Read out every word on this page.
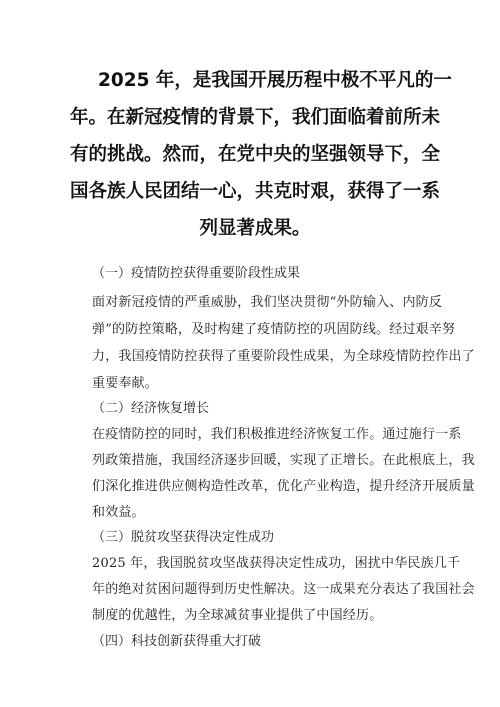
2025 年，是我国开展历程中极不平凡的一
年。在新冠疫情的背景下，我们面临着前所未
有的挑战。然而，在党中央的坚强领导下，全
国各族人民团结一心，共克时艰，获得了一系
列显著成果。
（一）疫情防控获得重要阶段性成果
面对新冠疫情的严重威胁，我们坚决贯彻“外防输入、内防反
弹”的防控策略，及时构建了疫情防控的巩固防线。经过艰辛努
力，我国疫情防控获得了重要阶段性成果，为全球疫情防控作出了
重要奉献。
（二）经济恢复增长
在疫情防控的同时，我们积极推进经济恢复工作。通过施行一系
列政策措施，我国经济逐步回暖，实现了正增长。在此根底上，我
们深化推进供应侧构造性改革，优化产业构造，提升经济开展质量
和效益。
（三）脱贫攻坚获得决定性成功
2025 年，我国脱贫攻坚战获得决定性成功，困扰中华民族几千
年的绝对贫困问题得到历史性解决。这一成果充分表达了我国社会
制度的优越性，为全球减贫事业提供了中国经历。
（四）科技创新获得重大打破
